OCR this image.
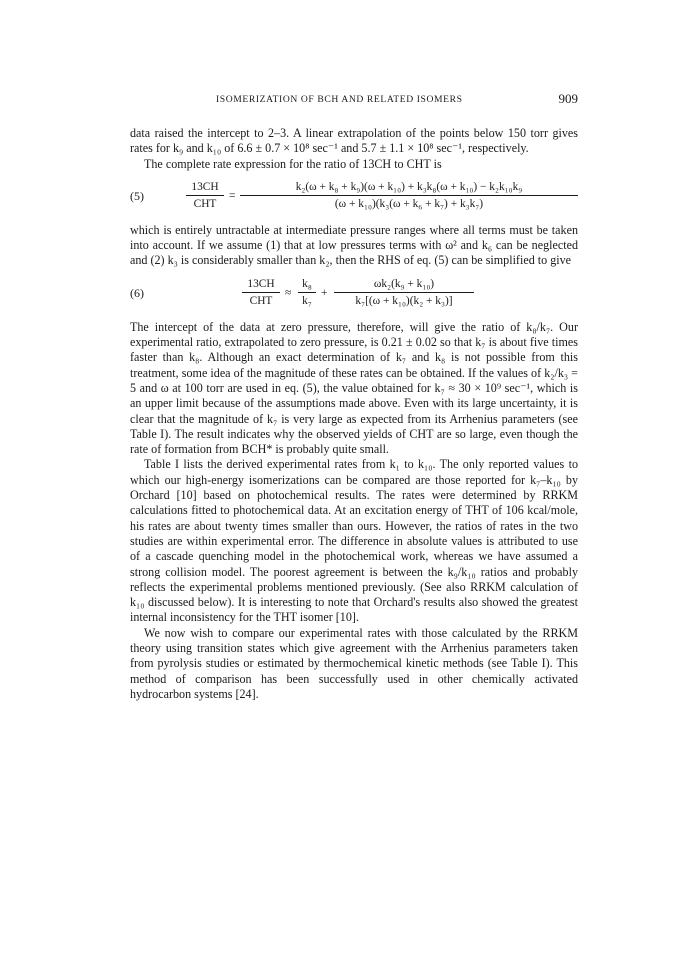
ISOMERIZATION OF BCH AND RELATED ISOMERS	909

data raised the intercept to 2–3. A linear extrapolation of the points below 150 torr gives rates for k₉ and k₁₀ of 6.6 ± 0.7 × 10⁸ sec⁻¹ and 5.7 ± 1.1 × 10⁸ sec⁻¹, respectively.

The complete rate expression for the ratio of 13CH to CHT is

(5)
13CH
CHT
= $\frac{\text{k₂(ω + k₈ + k₉)(ω + k₁₀) + k₃k₈(ω + k₁₀) − k₂k₁₀k₉}}{\text{(ω + k₁₀)(k₃(ω + k₆ + k₇) + k₃k₇)}}$

which is entirely untractable at intermediate pressure ranges where all terms must be taken into account. If we assume (1) that at low pressures terms with ω² and k₆ can be neglected and (2) k₃ is considerably smaller than k₂, then the RHS of eq. (5) can be simplified to give

(6)
13CH
CHT
≈ $\frac{\text{k₈}}{\text{k₇}} + \frac{\text{ωk₂(k₉ + k₁₀)}}{\text{k₇[(ω + k₁₀)(k₂ + k₃)]}}$

The intercept of the data at zero pressure, therefore, will give the ratio of k₈/k₇. Our experimental ratio, extrapolated to zero pressure, is 0.21 ± 0.02 so that k₇ is about five times faster than k₈. Although an exact determination of k₇ and k₈ is not possible from this treatment, some idea of the magnitude of these rates can be obtained. If the values of k₂/k₃ = 5 and ω at 100 torr are used in eq. (5), the value obtained for k₇ ≈ 30 × 10⁹ sec⁻¹, which is an upper limit because of the assumptions made above. Even with its large uncertainty, it is clear that the magnitude of k₇ is very large as expected from its Arrhenius parameters (see Table I). The result indicates why the observed yields of CHT are so large, even though the rate of formation from BCH* is probably quite small.

Table I lists the derived experimental rates from k₁ to k₁₀. The only reported values to which our high-energy isomerizations can be compared are those reported for k₇–k₁₀ by Orchard [10] based on photochemical results. The rates were determined by RRKM calculations fitted to photochemical data. At an excitation energy of THT of 106 kcal/mole, his rates are about twenty times smaller than ours. However, the ratios of rates in the two studies are within experimental error. The difference in absolute values is attributed to use of a cascade quenching model in the photochemical work, whereas we have assumed a strong collision model. The poorest agreement is between the k₉/k₁₀ ratios and probably reflects the experimental problems mentioned previously. (See also RRKM calculation of k₁₀ discussed below). It is interesting to note that Orchard's results also showed the greatest internal inconsistency for the THT isomer [10].

We now wish to compare our experimental rates with those calculated by the RRKM theory using transition states which give agreement with the Arrhenius parameters taken from pyrolysis studies or estimated by thermochemical kinetic methods (see Table I). This method of comparison has been successfully used in other chemically activated hydrocarbon systems [24].
